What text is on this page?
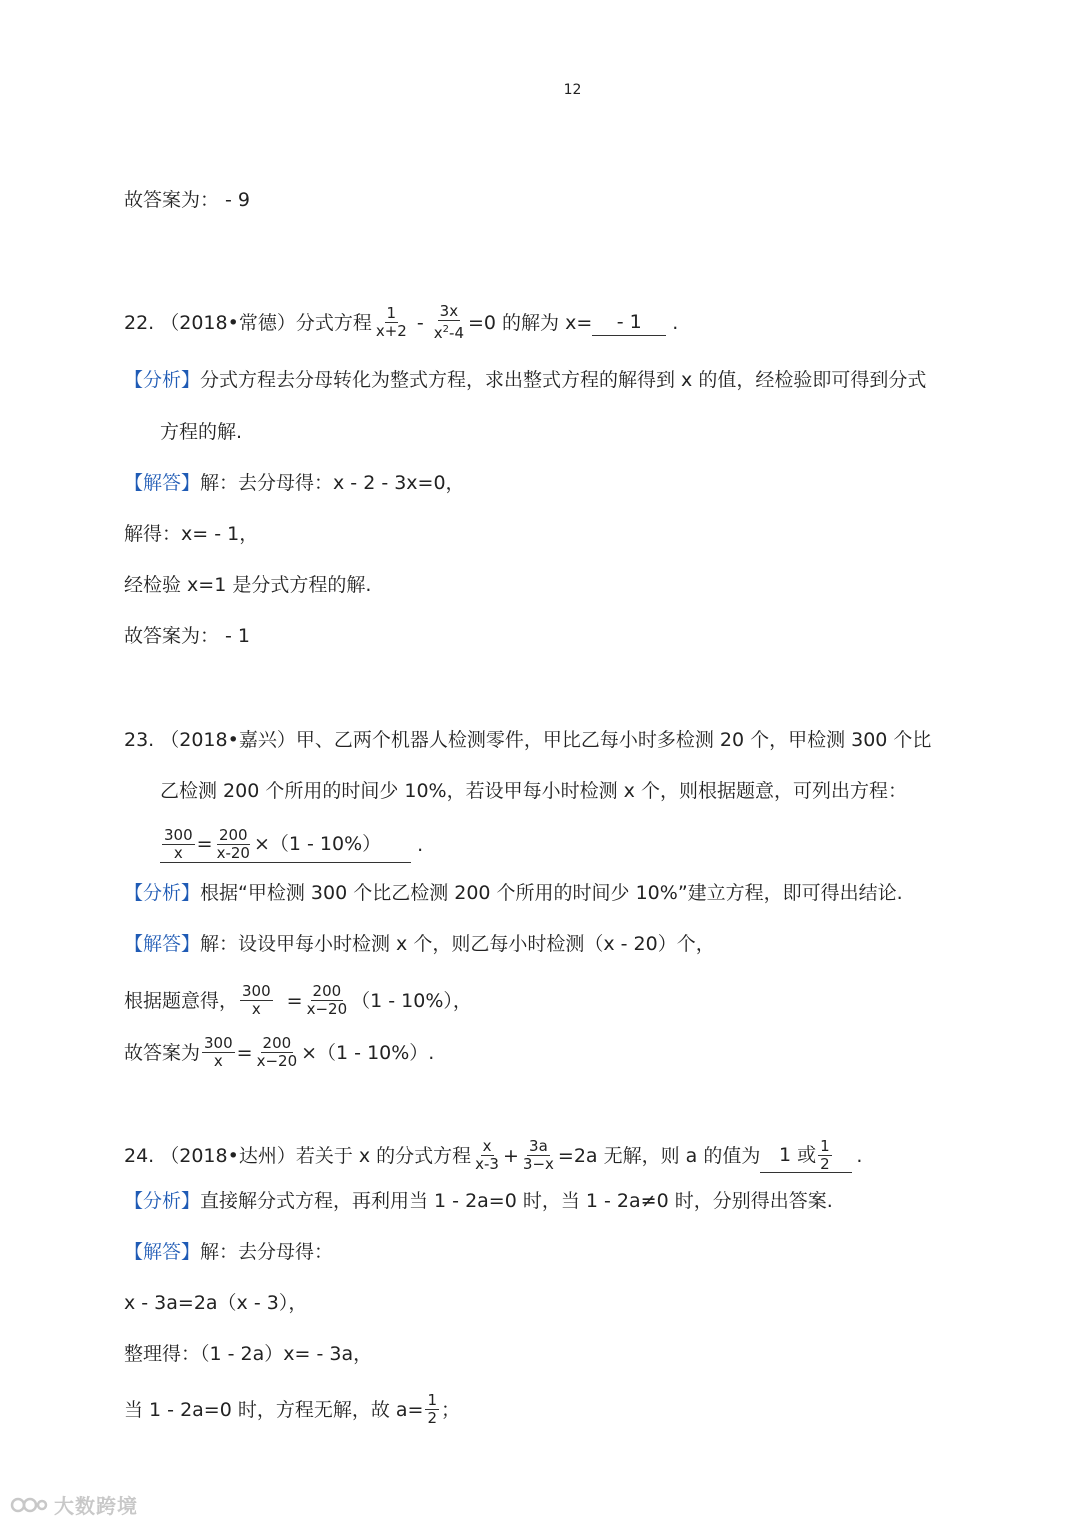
12
故答案为： - 9
22. （2018•常德）分式方程 $\frac{1}{x+2} - \frac{3x}{x^2-4} =0$ 的解为 x= - 1 .
【分析】 分式方程去分母转化为整式方程，求出整式方程的解得到 x 的值，经检验即可得到分式
方程的解.
【解答】 解：去分母得：x - 2 - 3x=0，
解得：x= - 1，
经检验 x=1 是分式方程的解.
故答案为： - 1
23. （2018•嘉兴）甲、乙两个机器人检测零件，甲比乙每小时多检测 20 个，甲检测 300 个比
乙检测 200 个所用的时间少 10%，若设甲每小时检测 x 个，则根据题意，可列出方程：
$\frac{300}{x} = \frac{200}{x-20} \times(1 - 10\%)$ .
【分析】 根据“甲检测 300 个比乙检测 200 个所用的时间少 10%”建立方程，即可得出结论.
【解答】 解：设设甲每小时检测 x 个，则乙每小时检测（x - 20）个，
根据题意得， $\frac{300}{x} = \frac{200}{x-20} (1 - 10\%)$，
故答案为 $\frac{300}{x} = \frac{200}{x-20} \times(1 - 10\%)$.
24. （2018•达州）若关于 x 的分式方程 $\frac{x}{x-3} + \frac{3a}{3-x} =2a$ 无解，则 a 的值为 1 或 $\frac{1}{2}$ .
【分析】 直接解分式方程，再利用当 1 - 2a=0 时，当 1 - 2a≠0 时，分别得出答案.
【解答】 解：去分母得：
x - 3a=2a（x - 3），
整理得：（1 - 2a）x= - 3a，
当 1 - 2a=0 时，方程无解，故 $a= \frac{1}{2}$ ；
大数跨境
